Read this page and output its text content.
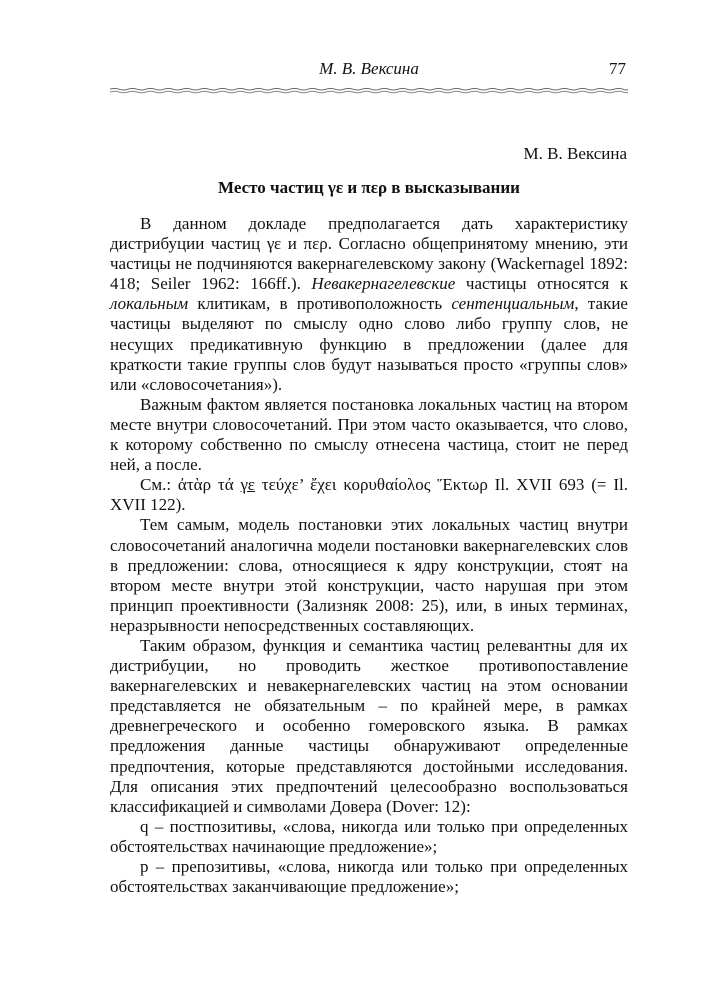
М. В. Вексина	77
М. В. Вексина
Место частиц γε и περ в высказывании

В данном докладе предполагается дать характеристику дистрибуции частиц γε и περ. Согласно общепринятому мнению, эти частицы не подчиняются вакернагелевскому закону (Wackernagel 1892: 418; Seiler 1962: 166ff.). Невакернагелевские частицы относятся к локальным клитикам, в противоположность сентенциальным, такие частицы выделяют по смыслу одно слово либо группу слов, не несущих предикативную функцию в предложении (далее для краткости такие группы слов будут называться просто «группы слов» или «словосочетания»).

Важным фактом является постановка локальных частиц на втором месте внутри словосочетаний. При этом часто оказывается, что слово, к которому собственно по смыслу отнесена частица, стоит не перед ней, а после.

См.: ἀτὰρ τά γε τεύχε’ ἔχει κορυθαίολος Ἕκτωρ Il. XVII 693 (= Il. XVII 122).

Тем самым, модель постановки этих локальных частиц внутри словосочетаний аналогична модели постановки вакернагелевских слов в предложении: слова, относящиеся к ядру конструкции, стоят на втором месте внутри этой конструкции, часто нарушая при этом принцип проективности (Зализняк 2008: 25), или, в иных терминах, неразрывности непосредственных составляющих.

Таким образом, функция и семантика частиц релевантны для их дистрибуции, но проводить жесткое противопоставление вакернагелевских и невакернагелевских частиц на этом основании представляется не обязательным – по крайней мере, в рамках древнегреческого и особенно гомеровского языка. В рамках предложения данные частицы обнаруживают определенные предпочтения, которые представляются достойными исследования. Для описания этих предпочтений целесообразно воспользоваться классификацией и символами Довера (Dover: 12):

q – постпозитивы, «слова, никогда или только при определенных обстоятельствах начинающие предложение»;

p – препозитивы, «слова, никогда или только при определенных обстоятельствах заканчивающие предложение»;
